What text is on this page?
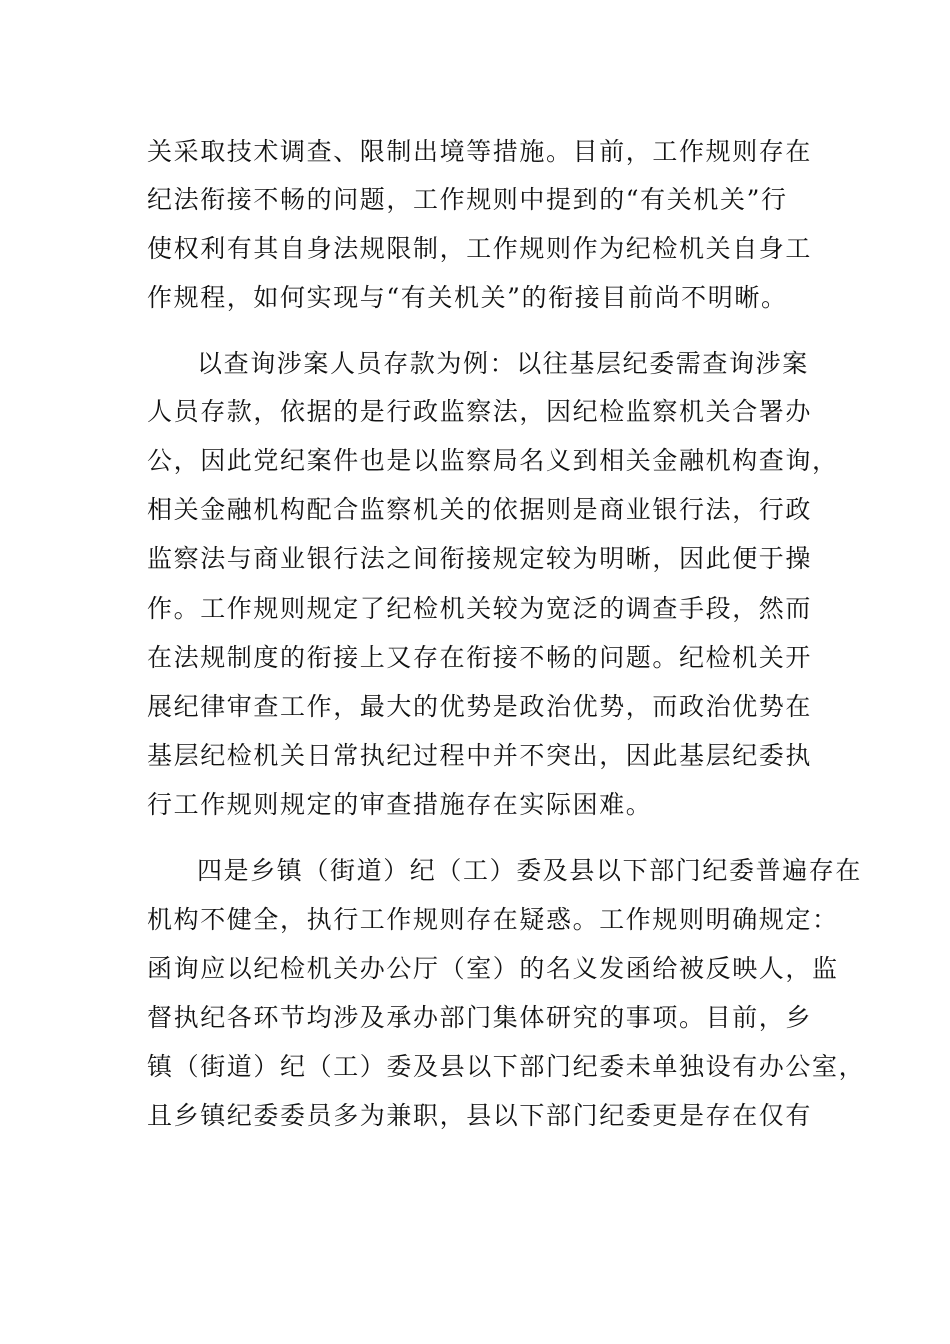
关采取技术调查、限制出境等措施。目前，工作规则存在
纪法衔接不畅的问题，工作规则中提到的“有关机关”行
使权利有其自身法规限制，工作规则作为纪检机关自身工
作规程，如何实现与“有关机关”的衔接目前尚不明晰。
以查询涉案人员存款为例：以往基层纪委需查询涉案
人员存款，依据的是行政监察法，因纪检监察机关合署办
公，因此党纪案件也是以监察局名义到相关金融机构查询，
相关金融机构配合监察机关的依据则是商业银行法，行政
监察法与商业银行法之间衔接规定较为明晰，因此便于操
作。工作规则规定了纪检机关较为宽泛的调查手段，然而
在法规制度的衔接上又存在衔接不畅的问题。纪检机关开
展纪律审查工作，最大的优势是政治优势，而政治优势在
基层纪检机关日常执纪过程中并不突出，因此基层纪委执
行工作规则规定的审查措施存在实际困难。
四是乡镇（街道）纪（工）委及县以下部门纪委普遍存在
机构不健全，执行工作规则存在疑惑。工作规则明确规定：
函询应以纪检机关办公厅（室）的名义发函给被反映人，监
督执纪各环节均涉及承办部门集体研究的事项。目前，乡
镇（街道）纪（工）委及县以下部门纪委未单独设有办公室，
且乡镇纪委委员多为兼职，县以下部门纪委更是存在仅有
